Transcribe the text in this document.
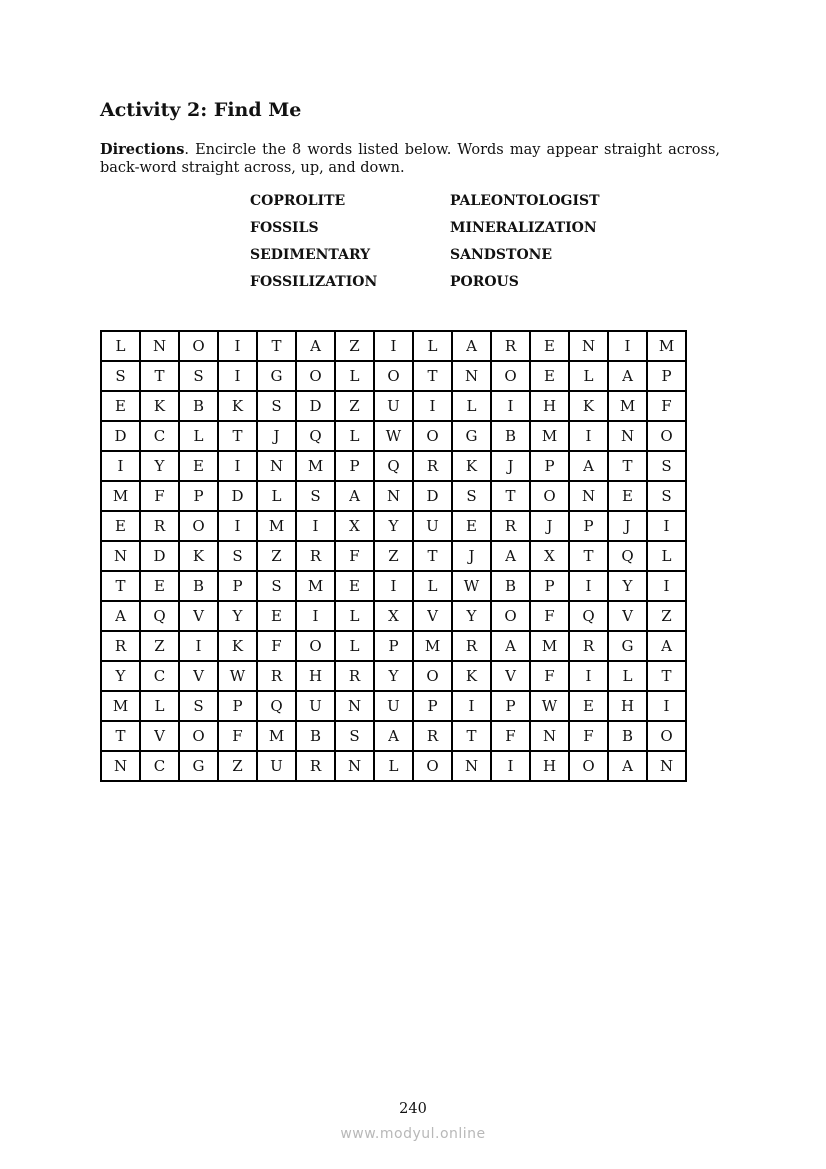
Activity 2: Find Me

Directions. Encircle the 8 words listed below. Words may appear straight across, back-word straight across, up, and down.

COPROLITE	PALEONTOLOGIST
FOSSILS	MINERALIZATION
SEDIMENTARY	SANDSTONE
FOSSILIZATION	POROUS
L	N	O	I	T	A	Z	I	L	A	R	E	N	I	M
S	T	S	I	G	O	L	O	T	N	O	E	L	A	P
E	K	B	K	S	D	Z	U	I	L	I	H	K	M	F
D	C	L	T	J	Q	L	W	O	G	B	M	I	N	O
I	Y	E	I	N	M	P	Q	R	K	J	P	A	T	S
M	F	P	D	L	S	A	N	D	S	T	O	N	E	S
E	R	O	I	M	I	X	Y	U	E	R	J	P	J	I
N	D	K	S	Z	R	F	Z	T	J	A	X	T	Q	L
T	E	B	P	S	M	E	I	L	W	B	P	I	Y	I
A	Q	V	Y	E	I	L	X	V	Y	O	F	Q	V	Z
R	Z	I	K	F	O	L	P	M	R	A	M	R	G	A
Y	C	V	W	R	H	R	Y	O	K	V	F	I	L	T
M	L	S	P	Q	U	N	U	P	I	P	W	E	H	I
T	V	O	F	M	B	S	A	R	T	F	N	F	B	O
N	C	G	Z	U	R	N	L	O	N	I	H	O	A	N
240
www.modyul.online
